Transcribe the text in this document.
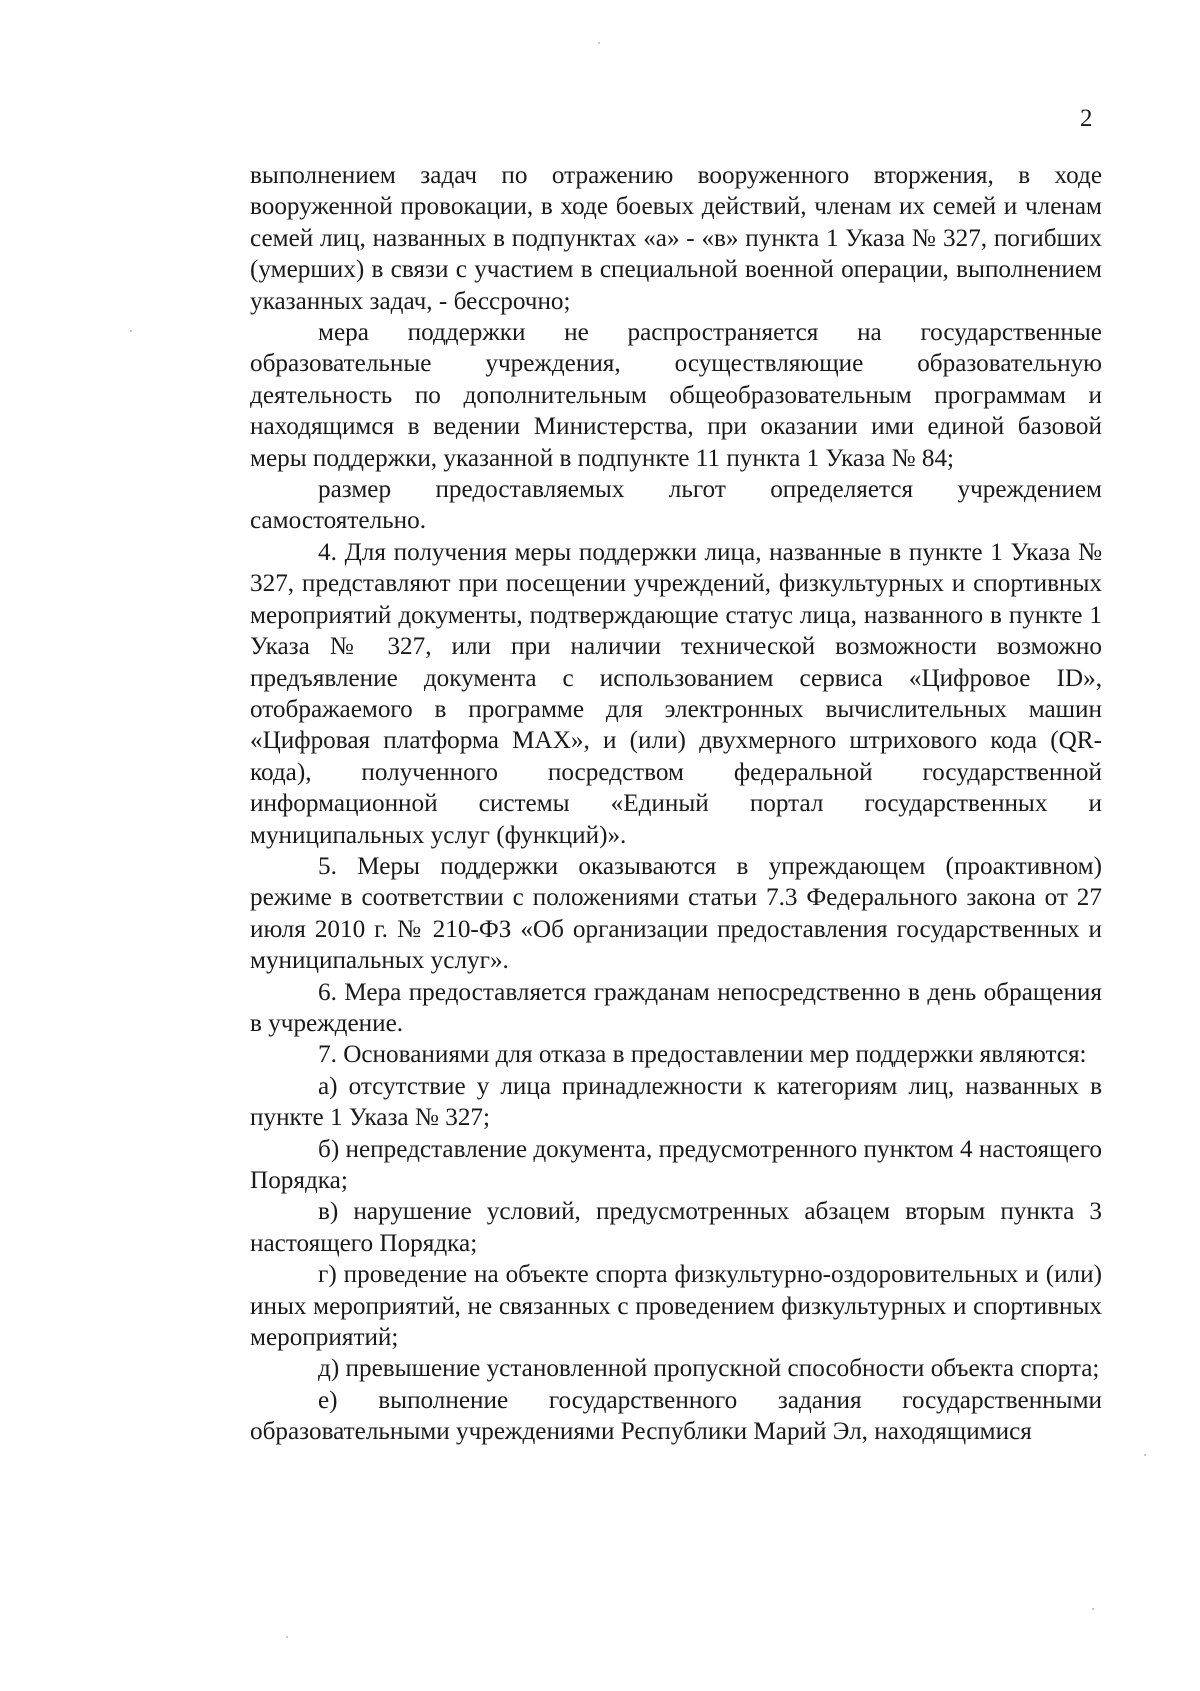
2

выполнением задач по отражению вооруженного вторжения, в ходе вооруженной провокации, в ходе боевых действий, членам их семей и членам семей лиц, названных в подпунктах «а» - «в» пункта 1 Указа № 327, погибших (умерших) в связи с участием в специальной военной операции, выполнением указанных задач, - бессрочно;

мера поддержки не распространяется на государственные образовательные учреждения, осуществляющие образовательную деятельность по дополнительным общеобразовательным программам и находящимся в ведении Министерства, при оказании ими единой базовой меры поддержки, указанной в подпункте 11 пункта 1 Указа № 84;

размер предоставляемых льгот определяется учреждением самостоятельно.

4. Для получения меры поддержки лица, названные в пункте 1 Указа № 327, представляют при посещении учреждений, физкультурных и спортивных мероприятий документы, подтверждающие статус лица, названного в пункте 1 Указа № 327, или при наличии технической возможности возможно предъявление документа с использованием сервиса «Цифровое ID», отображаемого в программе для электронных вычислительных машин «Цифровая платформа MAX», и (или) двухмерного штрихового кода (QR-кода), полученного посредством федеральной государственной информационной системы «Единый портал государственных и муниципальных услуг (функций)».

5. Меры поддержки оказываются в упреждающем (проактивном) режиме в соответствии с положениями статьи 7.3 Федерального закона от 27 июля 2010 г. № 210-ФЗ «Об организации предоставления государственных и муниципальных услуг».

6. Мера предоставляется гражданам непосредственно в день обращения в учреждение.

7. Основаниями для отказа в предоставлении мер поддержки являются:

а) отсутствие у лица принадлежности к категориям лиц, названных в пункте 1 Указа № 327;

б) непредставление документа, предусмотренного пунктом 4 настоящего Порядка;

в) нарушение условий, предусмотренных абзацем вторым пункта 3 настоящего Порядка;

г) проведение на объекте спорта физкультурно-оздоровительных и (или) иных мероприятий, не связанных с проведением физкультурных и спортивных мероприятий;

д) превышение установленной пропускной способности объекта спорта;

е) выполнение государственного задания государственными образовательными учреждениями Республики Марий Эл, находящимися
